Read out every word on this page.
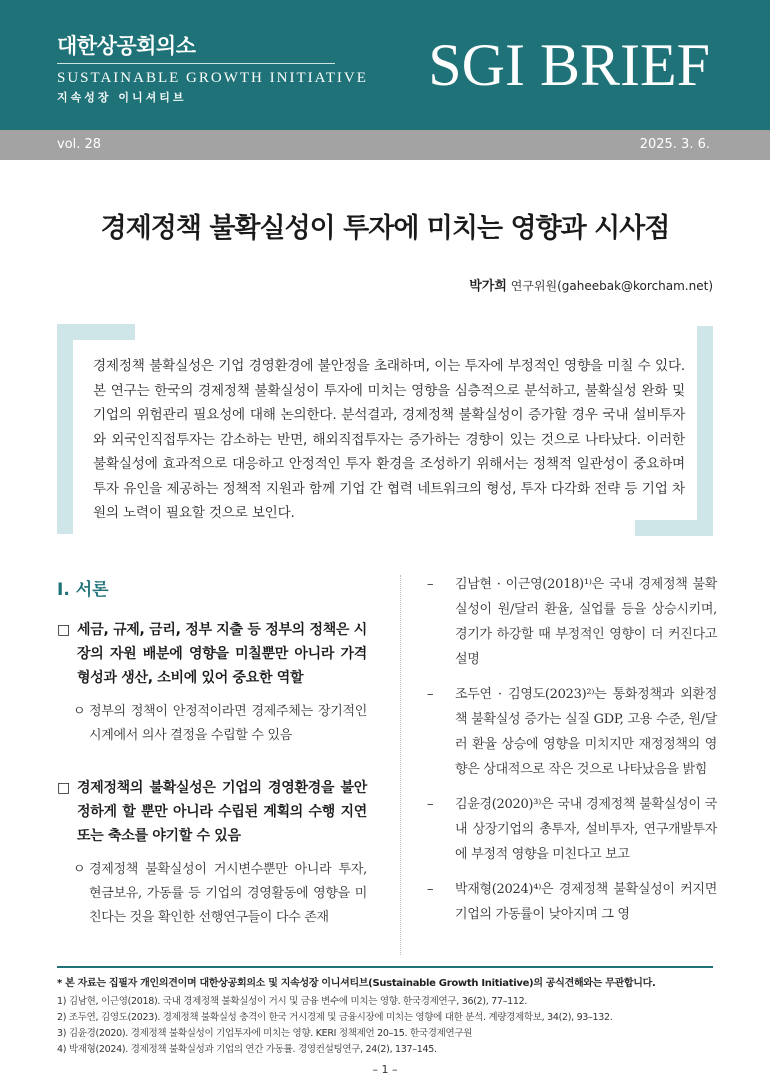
대한상공회의소
SUSTAINABLE GROWTH INITIATIVE
지속성장 이니셔티브	SGI BRIEF
vol. 28	2025. 3. 6.
경제정책 불확실성이 투자에 미치는 영향과 시사점
박가희 연구위원(gaheebak@korcham.net)
경제정책 불확실성은 기업 경영환경에 불안정을 초래하며, 이는 투자에 부정적인 영향을 미칠 수 있다. 본 연구는 한국의 경제정책 불확실성이 투자에 미치는 영향을 심층적으로 분석하고, 불확실성 완화 및 기업의 위험관리 필요성에 대해 논의한다. 분석결과, 경제정책 불확실성이 증가할 경우 국내 설비투자와 외국인직접투자는 감소하는 반면, 해외직접투자는 증가하는 경향이 있는 것으로 나타났다. 이러한 불확실성에 효과적으로 대응하고 안정적인 투자 환경을 조성하기 위해서는 정책적 일관성이 중요하며 투자 유인을 제공하는 정책적 지원과 함께 기업 간 협력 네트워크의 형성, 투자 다각화 전략 등 기업 차원의 노력이 필요할 것으로 보인다.
Ⅰ. 서론
□ 세금, 규제, 금리, 정부 지출 등 정부의 정책은 시장의 자원 배분에 영향을 미칠뿐만 아니라 가격형성과 생산, 소비에 있어 중요한 역할
ㅇ 정부의 정책이 안정적이라면 경제주체는 장기적인 시계에서 의사 결정을 수립할 수 있음
□ 경제정책의 불확실성은 기업의 경영환경을 불안정하게 할 뿐만 아니라 수립된 계획의 수행 지연 또는 축소를 야기할 수 있음
ㅇ 경제정책 불확실성이 거시변수뿐만 아니라 투자, 현금보유, 가동률 등 기업의 경영활동에 영향을 미친다는 것을 확인한 선행연구들이 다수 존재
– 김남현 · 이근영(2018)¹⁾은 국내 경제정책 불확실성이 원/달러 환율, 실업률 등을 상승시키며, 경기가 하강할 때 부정적인 영향이 더 커진다고 설명
– 조두연 · 김영도(2023)²⁾는 통화정책과 외환정책 불확실성 증가는 실질 GDP, 고용 수준, 원/달러 환율 상승에 영향을 미치지만 재정정책의 영향은 상대적으로 작은 것으로 나타났음을 밝힘
– 김윤경(2020)³⁾은 국내 경제정책 불확실성이 국내 상장기업의 총투자, 설비투자, 연구개발투자에 부정적 영향을 미친다고 보고
– 박재형(2024)⁴⁾은 경제정책 불확실성이 커지면 기업의 가동률이 낮아지며 그 영
* 본 자료는 집필자 개인의견이며 대한상공회의소 및 지속성장 이니셔티브(Sustainable Growth Initiative)의 공식견해와는 무관합니다.
1) 김남현, 이근영(2018). 국내 경제정책 불확실성이 거시 및 금융 변수에 미치는 영향. 한국경제연구, 36(2), 77–112.
2) 조두연, 김영도(2023). 경제정책 불확실성 충격이 한국 거시경제 및 금융시장에 미치는 영향에 대한 분석. 계량경제학보, 34(2), 93–132.
3) 김윤경(2020). 경제정책 불확실성이 기업투자에 미치는 영향. KERI 정책제언 20–15. 한국경제연구원
4) 박재형(2024). 경제정책 불확실성과 기업의 연간 가동률. 경영컨설팅연구, 24(2), 137–145.
– 1 –
